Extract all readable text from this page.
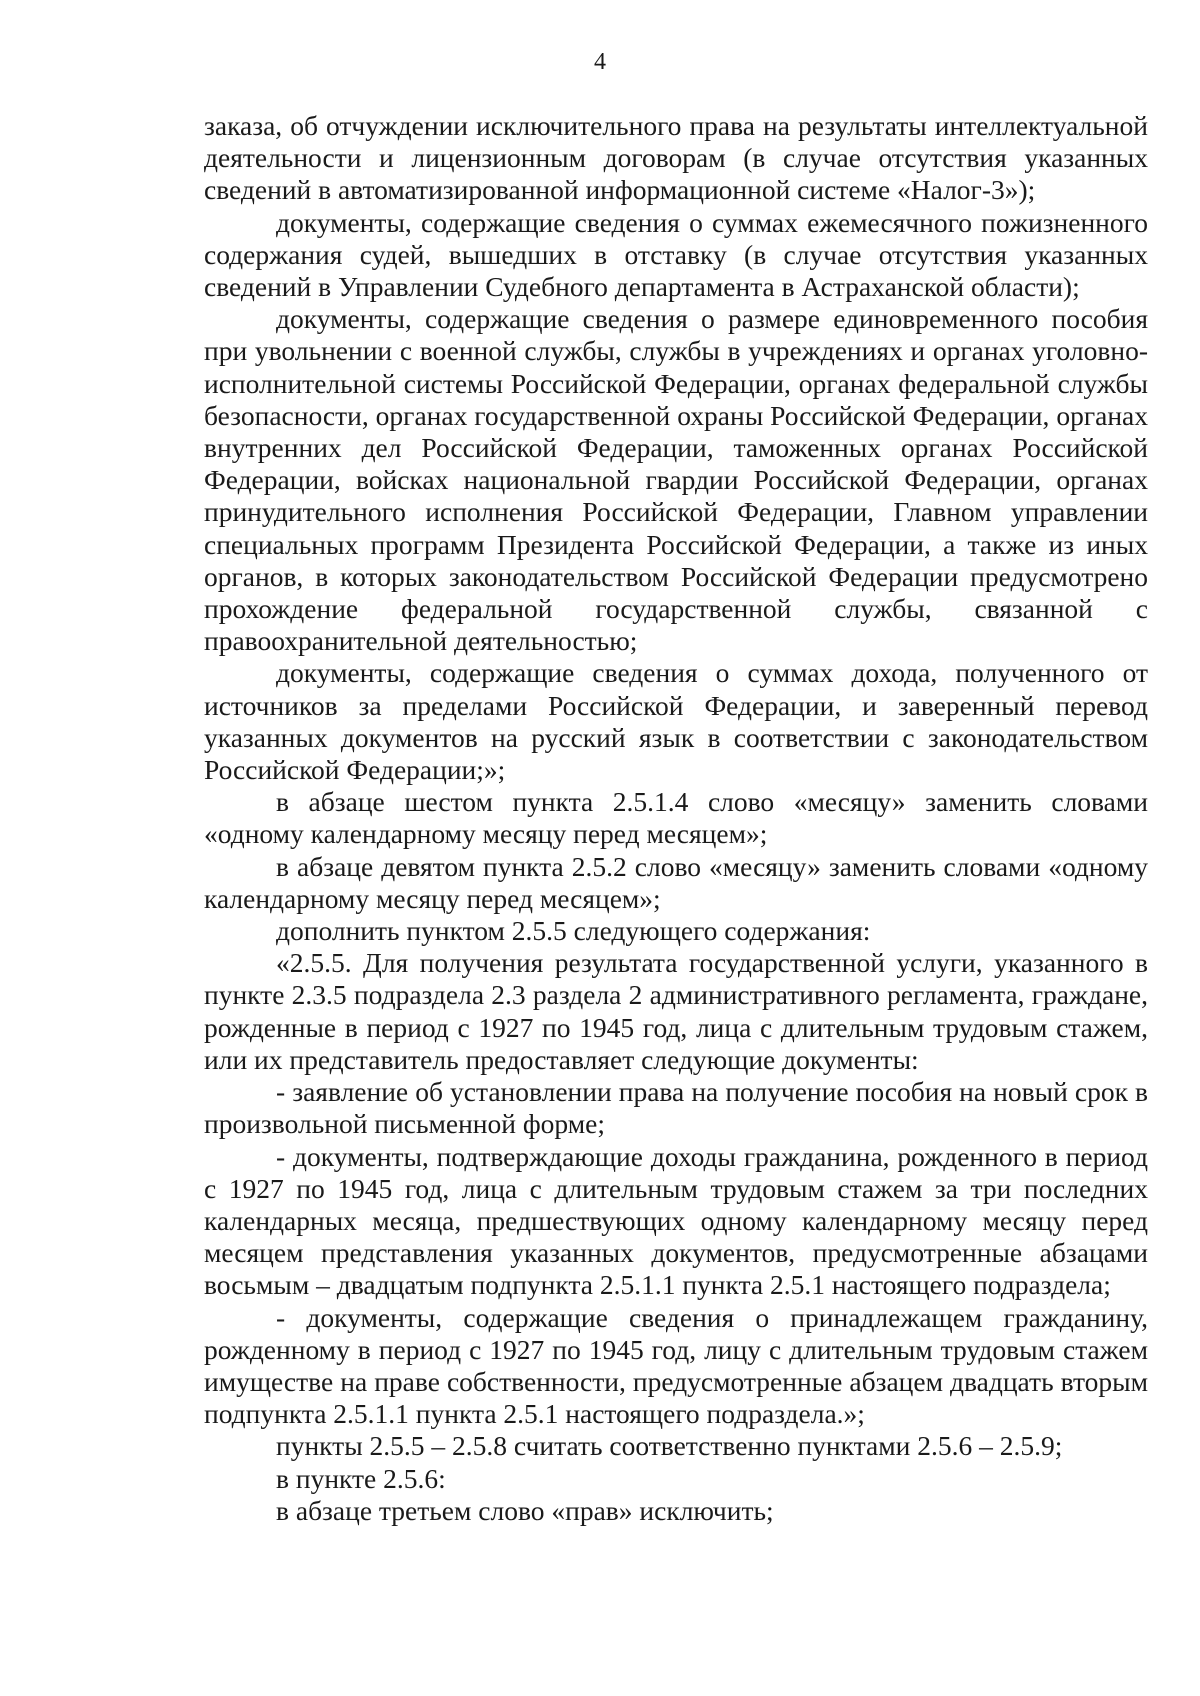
4

заказа, об отчуждении исключительного права на результаты интеллектуальной деятельности и лицензионным договорам (в случае отсутствия указанных сведений в автоматизированной информационной системе «Налог-3»);

документы, содержащие сведения о суммах ежемесячного пожизненного содержания судей, вышедших в отставку (в случае отсутствия указанных сведений в Управлении Судебного департамента в Астраханской области);

документы, содержащие сведения о размере единовременного пособия при увольнении с военной службы, службы в учреждениях и органах уголовно-исполнительной системы Российской Федерации, органах федеральной службы безопасности, органах государственной охраны Российской Федерации, органах внутренних дел Российской Федерации, таможенных органах Российской Федерации, войсках национальной гвардии Российской Федерации, органах принудительного исполнения Российской Федерации, Главном управлении специальных программ Президента Российской Федерации, а также из иных органов, в которых законодательством Российской Федерации предусмотрено прохождение федеральной государственной службы, связанной с правоохранительной деятельностью;

документы, содержащие сведения о суммах дохода, полученного от источников за пределами Российской Федерации, и заверенный перевод указанных документов на русский язык в соответствии с законодательством Российской Федерации;»;

в абзаце шестом пункта 2.5.1.4 слово «месяцу» заменить словами «одному календарному месяцу перед месяцем»;

в абзаце девятом пункта 2.5.2 слово «месяцу» заменить словами «одному календарному месяцу перед месяцем»;

дополнить пунктом 2.5.5 следующего содержания:

«2.5.5. Для получения результата государственной услуги, указанного в пункте 2.3.5 подраздела 2.3 раздела 2 административного регламента, граждане, рожденные в период с 1927 по 1945 год, лица с длительным трудовым стажем, или их представитель предоставляет следующие документы:

- заявление об установлении права на получение пособия на новый срок в произвольной письменной форме;

- документы, подтверждающие доходы гражданина, рожденного в период с 1927 по 1945 год, лица с длительным трудовым стажем за три последних календарных месяца, предшествующих одному календарному месяцу перед месяцем представления указанных документов, предусмотренные абзацами восьмым – двадцатым подпункта 2.5.1.1 пункта 2.5.1 настоящего подраздела;

- документы, содержащие сведения о принадлежащем гражданину, рожденному в период с 1927 по 1945 год, лицу с длительным трудовым стажем имуществе на праве собственности, предусмотренные абзацем двадцать вторым подпункта 2.5.1.1 пункта 2.5.1 настоящего подраздела.»;

пункты 2.5.5 – 2.5.8 считать соответственно пунктами 2.5.6 – 2.5.9;

в пункте 2.5.6:

в абзаце третьем слово «прав» исключить;
